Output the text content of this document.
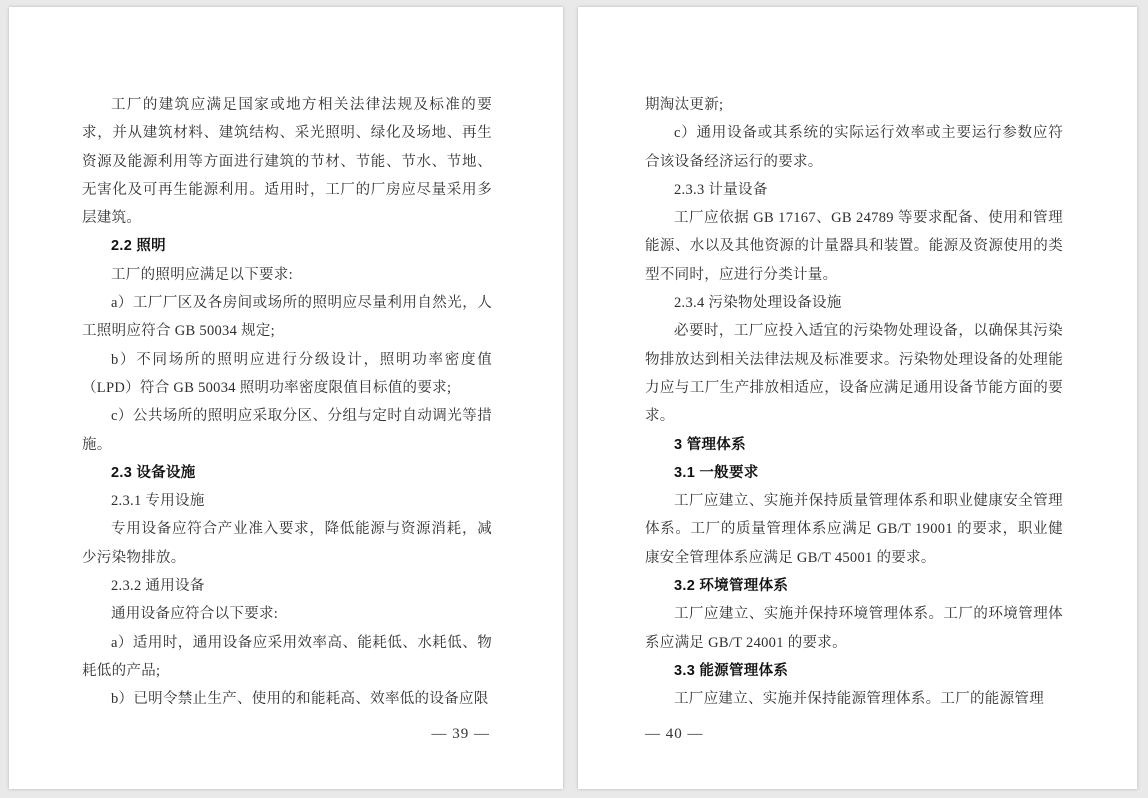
工厂的建筑应满足国家或地方相关法律法规及标准的要求，并从建筑材料、建筑结构、采光照明、绿化及场地、再生资源及能源利用等方面进行建筑的节材、节能、节水、节地、无害化及可再生能源利用。适用时，工厂的厂房应尽量采用多层建筑。

2.2 照明

工厂的照明应满足以下要求:

a）工厂厂区及各房间或场所的照明应尽量利用自然光，人工照明应符合 GB 50034 规定;

b）不同场所的照明应进行分级设计，照明功率密度值（LPD）符合 GB 50034 照明功率密度限值目标值的要求;

c）公共场所的照明应采取分区、分组与定时自动调光等措施。

2.3 设备设施

2.3.1 专用设施

专用设备应符合产业准入要求，降低能源与资源消耗，减少污染物排放。

2.3.2 通用设备

通用设备应符合以下要求:

a）适用时，通用设备应采用效率高、能耗低、水耗低、物耗低的产品;

b）已明令禁止生产、使用的和能耗高、效率低的设备应限

— 39 —

期淘汰更新;

c）通用设备或其系统的实际运行效率或主要运行参数应符合该设备经济运行的要求。

2.3.3 计量设备

工厂应依据 GB 17167、GB 24789 等要求配备、使用和管理能源、水以及其他资源的计量器具和装置。能源及资源使用的类型不同时，应进行分类计量。

2.3.4 污染物处理设备设施

必要时，工厂应投入适宜的污染物处理设备，以确保其污染物排放达到相关法律法规及标准要求。污染物处理设备的处理能力应与工厂生产排放相适应，设备应满足通用设备节能方面的要求。

3 管理体系

3.1 一般要求

工厂应建立、实施并保持质量管理体系和职业健康安全管理体系。工厂的质量管理体系应满足 GB/T 19001 的要求，职业健康安全管理体系应满足 GB/T 45001 的要求。

3.2 环境管理体系

工厂应建立、实施并保持环境管理体系。工厂的环境管理体系应满足 GB/T 24001 的要求。

3.3 能源管理体系

工厂应建立、实施并保持能源管理体系。工厂的能源管理

— 40 —
